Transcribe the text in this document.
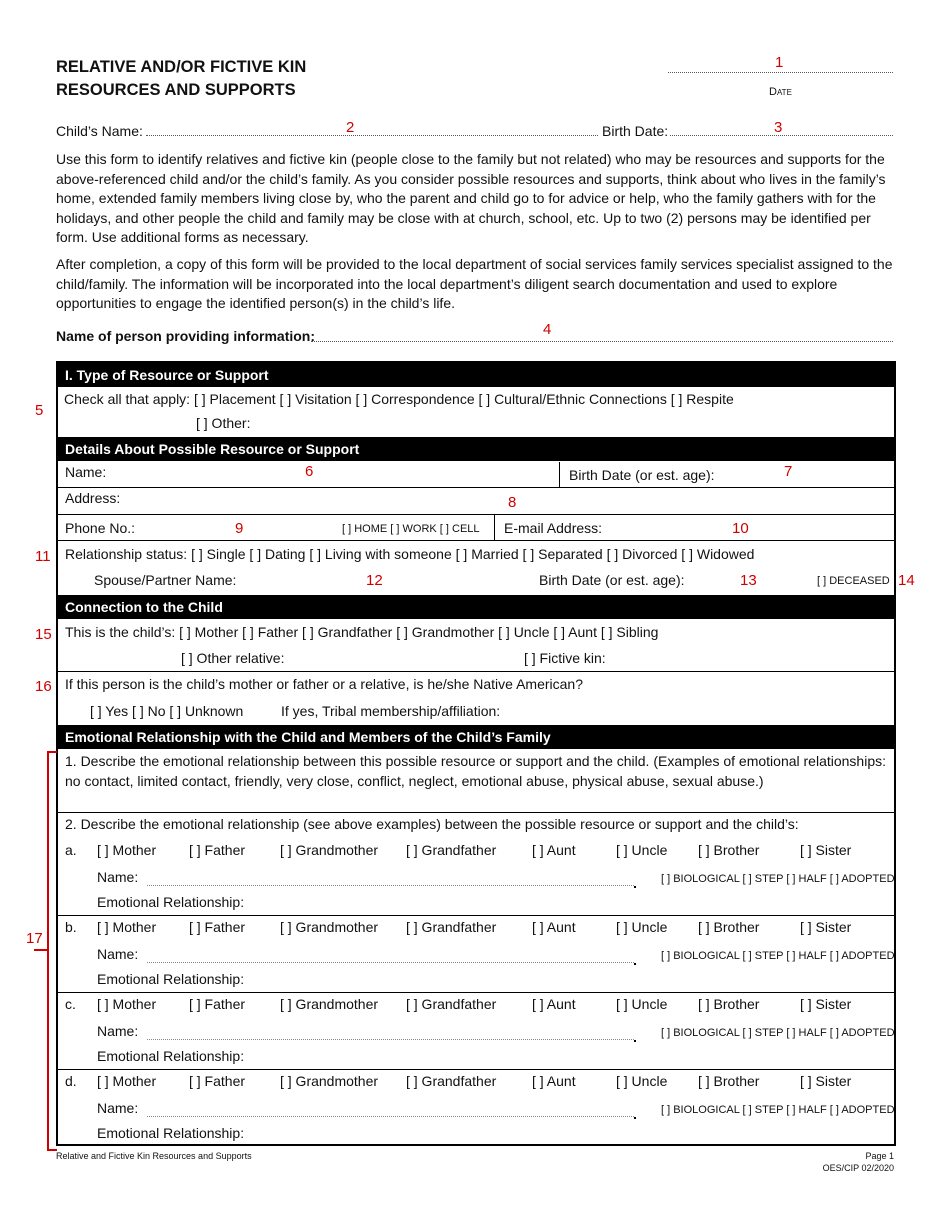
RELATIVE AND/OR FICTIVE KIN
RESOURCES AND SUPPORTS
1
Date
Child’s Name:	2	Birth Date:	3
Use this form to identify relatives and fictive kin (people close to the family but not related) who may be resources and supports for the above-referenced child and/or the child’s family. As you consider possible resources and supports, think about who lives in the family’s home, extended family members living close by, who the parent and child go to for advice or help, who the family gathers with for the holidays, and other people the child and family may be close with at church, school, etc. Up to two (2) persons may be identified per form. Use additional forms as necessary.
After completion, a copy of this form will be provided to the local department of social services family services specialist assigned to the child/family. The information will be incorporated into the local department’s diligent search documentation and used to explore opportunities to engage the identified person(s) in the child’s life.
Name of person providing information:	4
I. Type of Resource or Support
Check all that apply: [ ] Placement [ ] Visitation [ ] Correspondence [ ] Cultural/Ethnic Connections [ ] Respite
[ ] Other:
5
Details About Possible Resource or Support
Name:	6	Birth Date (or est. age):	7
Address:	8
Phone No.:	9	[ ] HOME [ ] WORK [ ] CELL E-mail Address:	10
11 Relationship status: [ ] Single [ ] Dating [ ] Living with someone [ ] Married [ ] Separated [ ] Divorced [ ] Widowed
Spouse/Partner Name:	12	Birth Date (or est. age):	13	[ ] DECEASED 14
Connection to the Child
15 This is the child’s: [ ] Mother [ ] Father [ ] Grandfather [ ] Grandmother [ ] Uncle [ ] Aunt [ ] Sibling
[ ] Other relative:	[ ] Fictive kin:
16 If this person is the child’s mother or father or a relative, is he/she Native American?
[ ] Yes [ ] No [ ] Unknown	If yes, Tribal membership/affiliation:
Emotional Relationship with the Child and Members of the Child’s Family
1. Describe the emotional relationship between this possible resource or support and the child. (Examples of emotional relationships: no contact, limited contact, friendly, very close, conflict, neglect, emotional abuse, physical abuse, sexual abuse.)
2. Describe the emotional relationship (see above examples) between the possible resource or support and the child’s:
a. [ ] Mother [ ] Father [ ] Grandmother [ ] Grandfather	[ ] Aunt	[ ] Uncle [ ] Brother	[ ] Sister
Name:	[ ] BIOLOGICAL [ ] STEP [ ] HALF [ ] ADOPTED
Emotional Relationship:
b. [ ] Mother [ ] Father [ ] Grandmother [ ] Grandfather	[ ] Aunt	[ ] Uncle [ ] Brother	[ ] Sister
Name:	[ ] BIOLOGICAL [ ] STEP [ ] HALF [ ] ADOPTED
Emotional Relationship:
c. [ ] Mother [ ] Father [ ] Grandmother [ ] Grandfather	[ ] Aunt	[ ] Uncle [ ] Brother	[ ] Sister
Name:	[ ] BIOLOGICAL [ ] STEP [ ] HALF [ ] ADOPTED
Emotional Relationship:
d. [ ] Mother [ ] Father [ ] Grandmother [ ] Grandfather	[ ] Aunt	[ ] Uncle [ ] Brother	[ ] Sister
Name:	[ ] BIOLOGICAL [ ] STEP [ ] HALF [ ] ADOPTED
Emotional Relationship:
17
Relative and Fictive Kin Resources and Supports	Page 1
OES/CIP 02/2020
